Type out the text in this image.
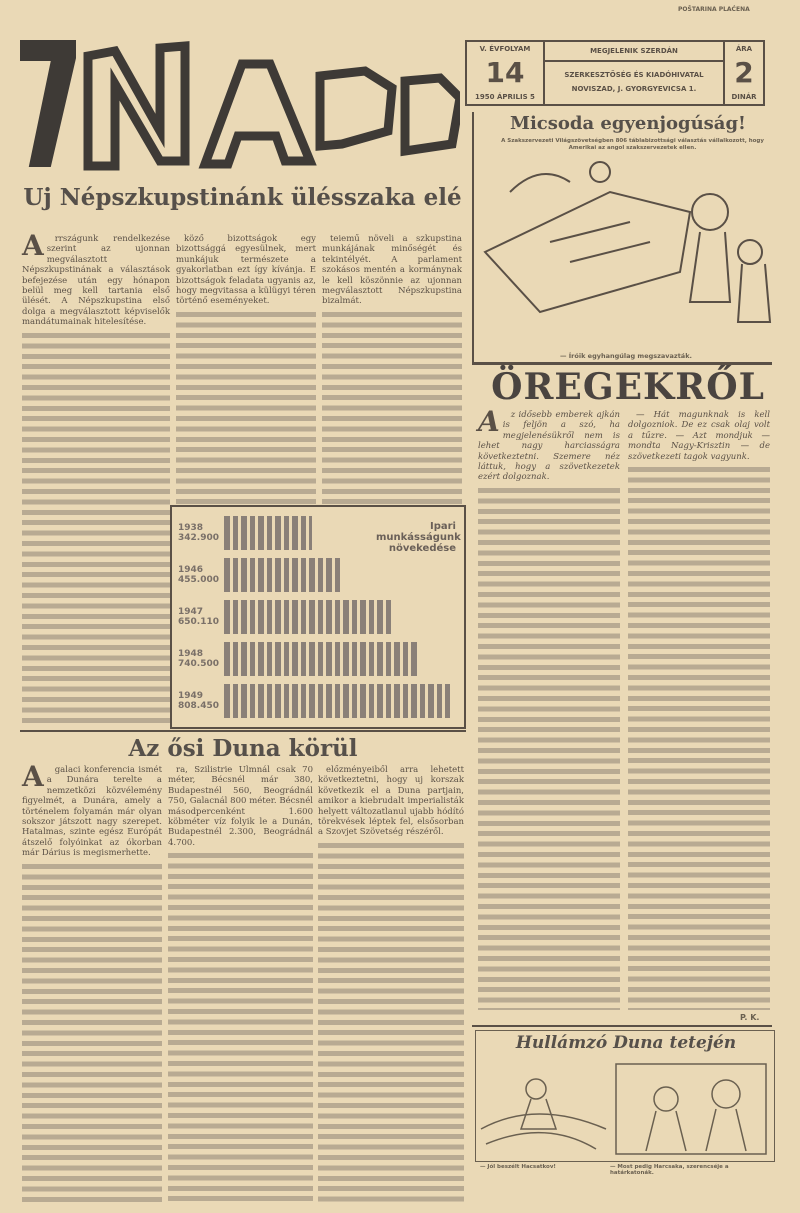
POŠTARINA PLAĆENA
V. ÉVFOLYAM
14
1950 ÁPRILIS 5
MEGJELENIK SZERDÁN
SZERKESZTŐSÉG ÉS KIADÓHIVATAL
NOVISZAD, J. GYORGYEVICSA 1.
ÁRA
2
DINÁR
Uj Népszkupstinánk ülésszaka elé

A rrszágunk rendelkezése szerint az ujonnan megválasztott Népszkupstinának a választások befejezése után egy hónapon belül meg kell tartania első ülését. A Népszkupstina első dolga a megválasztott képviselők mandátumainak hitelesítése.

köző bizottságok egy bizottsággá egyesülnek, mert munkájuk természete a gyakorlatban ezt így kívánja. E bizottságok feladata ugyanis az, hogy megvitassa a külügyi téren történő eseményeket.

teiemű növeli a szkupstina munkájának minőségét és tekintélyét. A parlament szokásos mentén a kormánynak le kell köszönnie az ujonnan megválasztott Népszkupstina bizalmát.

Ipari munkásságunk növekedése
1938
342.900
1946
455.000
1947
650.110
1948
740.500
1949
808.450
Az ősi Duna körül

A galaci konferencia ismét a Dunára terelte a nemzetközi közvélemény figyelmét, a Dunára, amely a történelem folyamán már olyan sokszor játszott nagy szerepet. Hatalmas, szinte egész Európát átszelő folyóinkat az ókorban már Dárius is megismerhette.

ra, Szilistrie Ulmnál csak 70 méter, Bécsnél már 380, Budapestnél 560, Beográdnál 750, Galacnál 800 méter. Bécsnél másodpercenként 1.600 köbméter víz folyik le a Dunán, Budapestnél 2.300, Beográdnál 4.700.

előzményeiből arra lehetett következtetni, hogy uj korszak következik el a Duna partjain, amikor a kiebrudalt imperialisták helyett változatlanul ujabb hódító törekvések léptek fel, elsősorban a Szovjet Szövetség részéről.

Micsoda egyenjogúság!
A Szakszervezeti Világszövetségben 806 táblabizottsági választás vállalkozott, hogy Amerikai az angol szakszervezetek ellen.
— Íróik egyhangúlag megszavazták.
ÖREGEKRŐL

A z idősebb emberek ajkán is feljön a szó, ha megjelenésükről nem is lehet nagy harciasságra következtetni. Szemere néz láttuk, hogy a szövetkezetek ezért dolgoznak.

— Hát magunknak is kell dolgozniok. De ez csak olaj volt a tűzre. — Azt mondjuk — mondta Nagy-Krisztin — de szövetkezeti tagok vagyunk.

P. K.
Hullámzó Duna tetején
— Jól beszélt Hacsatkov!	— Most pedig Harcsaka, szerencséje a határkatonák.
